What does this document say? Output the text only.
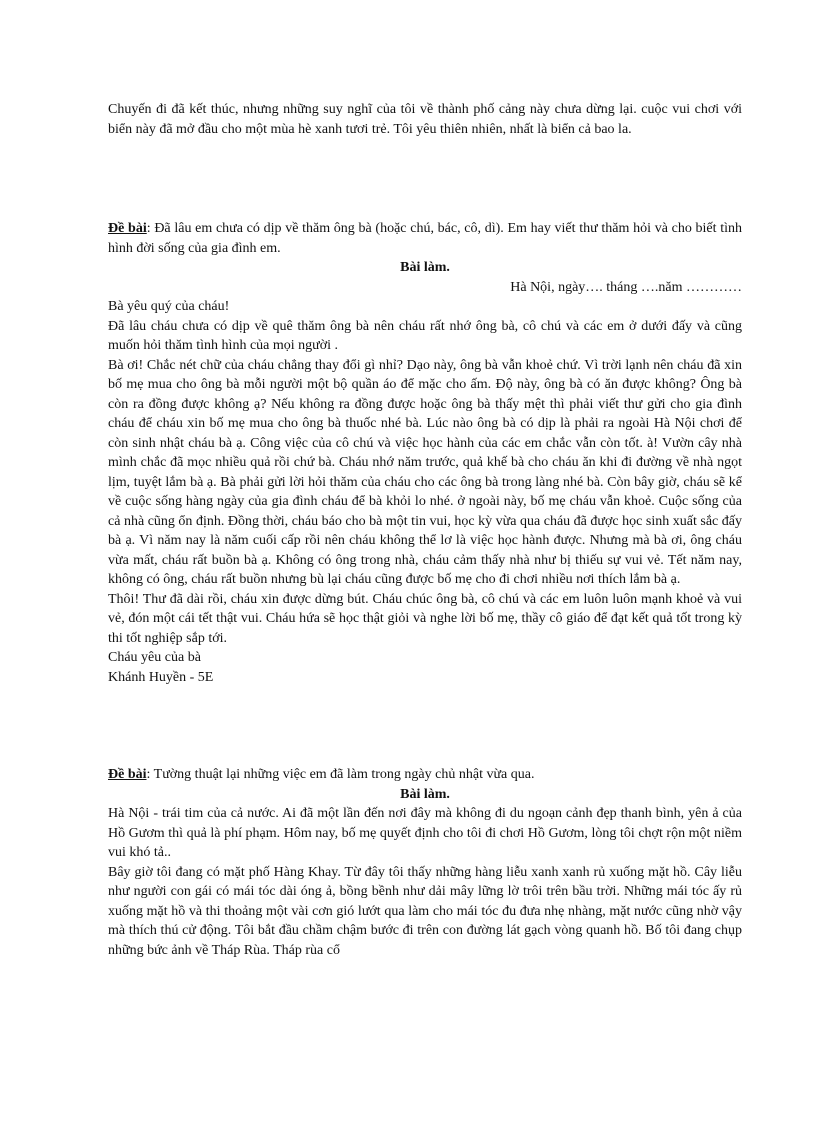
Chuyến đi đã kết thúc, nhưng những suy nghĩ của tôi về thành phố cảng này chưa dừng lại. cuộc vui chơi với biển này đã mở đầu cho một mùa hè xanh tươi trẻ. Tôi yêu thiên nhiên, nhất là biển cả bao la.

Đề bài: Đã lâu em chưa có dịp về thăm ông bà (hoặc chú, bác, cô, dì). Em hay viết thư thăm hỏi và cho biết tình hình đời sống của gia đình em.

Bài làm.

Hà Nội, ngày…. tháng ….năm …………

Bà yêu quý của cháu!

Đã lâu cháu chưa có dịp về quê thăm ông bà nên cháu rất nhớ ông bà, cô chú và các em ở dưới đấy và cũng muốn hỏi thăm tình hình của mọi người .

Bà ơi! Chắc nét chữ của cháu chẳng thay đổi gì nhỉ? Dạo này, ông bà vẫn khoẻ chứ. Vì trời lạnh nên cháu đã xin bố mẹ mua cho ông bà mỗi người một bộ quần áo để mặc cho ấm. Độ này, ông bà có ăn được không? Ông bà còn ra đồng được không ạ? Nếu không ra đồng được hoặc ông bà thấy mệt thì phải viết thư gửi cho gia đình cháu để cháu xin bố mẹ mua cho ông bà thuốc nhé bà. Lúc nào ông bà có dịp là phải ra ngoài Hà Nội chơi để còn sinh nhật cháu bà ạ. Công việc của cô chú và việc học hành của các em chắc vẫn còn tốt. à! Vườn cây nhà mình chắc đã mọc nhiều quả rồi chứ bà. Cháu nhớ năm trước, quả khế bà cho cháu ăn khi đi đường về nhà ngọt lịm, tuyệt lắm bà ạ. Bà phải gửi lời hỏi thăm của cháu cho các ông bà trong làng nhé bà. Còn bây giờ, cháu sẽ kể về cuộc sống hàng ngày của gia đình cháu để bà khỏi lo nhé. ở ngoài này, bố mẹ cháu vẫn khoẻ. Cuộc sống của cả nhà cũng ổn định. Đồng thời, cháu báo cho bà một tin vui, học kỳ vừa qua cháu đã được học sinh xuất sắc đấy bà ạ. Vì năm nay là năm cuối cấp rồi nên cháu không thể lơ là việc học hành được. Nhưng mà bà ơi, ông cháu vừa mất, cháu rất buồn bà ạ. Không có ông trong nhà, cháu cảm thấy nhà như bị thiếu sự vui vẻ. Tết năm nay, không có ông, cháu rất buồn nhưng bù lại cháu cũng được bố mẹ cho đi chơi nhiều nơi thích lắm bà ạ.

Thôi! Thư đã dài rồi, cháu xin được dừng bút. Cháu chúc ông bà, cô chú và các em luôn luôn mạnh khoẻ và vui vẻ, đón một cái tết thật vui. Cháu hứa sẽ học thật giỏi và nghe lời bố mẹ, thầy cô giáo để đạt kết quả tốt trong kỳ thi tốt nghiệp sắp tới.

Cháu yêu của bà

Khánh Huyền - 5E

Đề bài: Tường thuật lại những việc em đã làm trong ngày chủ nhật vừa qua.

Bài làm.

Hà Nội - trái tim của cả nước. Ai đã một lần đến nơi đây mà không đi du ngoạn cảnh đẹp thanh bình, yên ả của Hồ Gươm thì quả là phí phạm. Hôm nay, bố mẹ quyết định cho tôi đi chơi Hồ Gươm, lòng tôi chợt rộn một niềm vui khó tả..

Bây giờ tôi đang có mặt phố Hàng Khay. Từ đây tôi thấy những hàng liễu xanh xanh rủ xuống mặt hồ. Cây liễu như người con gái có mái tóc dài óng ả, bồng bềnh như dải mây lững lờ trôi trên bầu trời. Những mái tóc ấy rủ xuống mặt hồ và thi thoảng một vài cơn gió lướt qua làm cho mái tóc đu đưa nhẹ nhàng, mặt nước cũng nhờ vậy mà thích thú cử động. Tôi bắt đầu chầm chậm bước đi trên con đường lát gạch vòng quanh hồ. Bố tôi đang chụp những bức ảnh về Tháp Rùa. Tháp rùa cổ
